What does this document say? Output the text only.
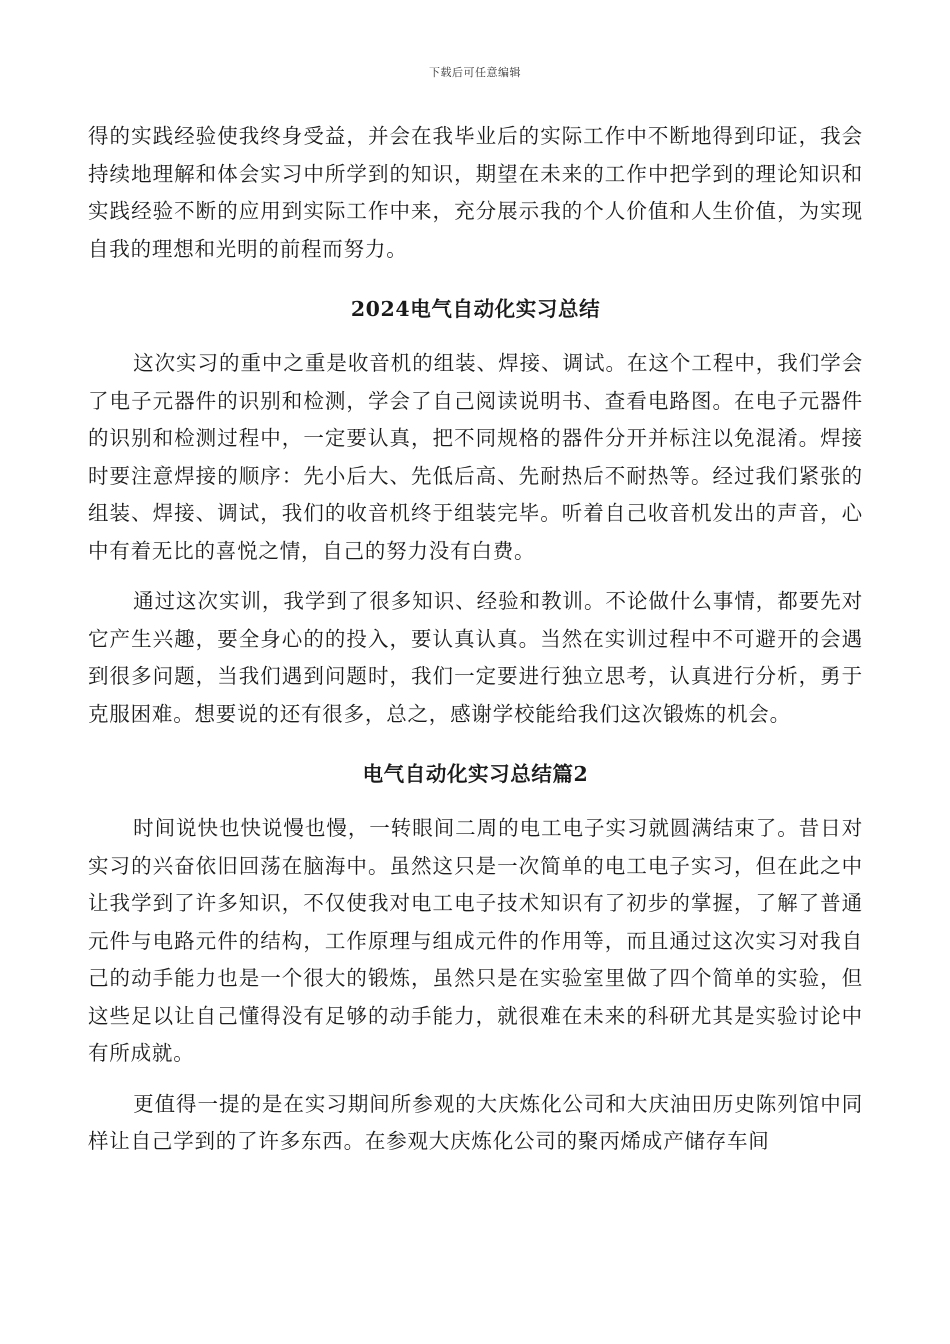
下载后可任意编辑

得的实践经验使我终身受益，并会在我毕业后的实际工作中不断地得到印证，我会持续地理解和体会实习中所学到的知识，期望在未来的工作中把学到的理论知识和实践经验不断的应用到实际工作中来，充分展示我的个人价值和人生价值，为实现自我的理想和光明的前程而努力。

2024电气自动化实习总结

这次实习的重中之重是收音机的组装、焊接、调试。在这个工程中，我们学会了电子元器件的识别和检测，学会了自己阅读说明书、查看电路图。在电子元器件的识别和检测过程中，一定要认真，把不同规格的器件分开并标注以免混淆。焊接时要注意焊接的顺序：先小后大、先低后高、先耐热后不耐热等。经过我们紧张的组装、焊接、调试，我们的收音机终于组装完毕。听着自己收音机发出的声音，心中有着无比的喜悦之情，自己的努力没有白费。

通过这次实训，我学到了很多知识、经验和教训。不论做什么事情，都要先对它产生兴趣，要全身心的的投入，要认真认真。当然在实训过程中不可避开的会遇到很多问题，当我们遇到问题时，我们一定要进行独立思考，认真进行分析，勇于克服困难。想要说的还有很多，总之，感谢学校能给我们这次锻炼的机会。

电气自动化实习总结篇2

时间说快也快说慢也慢，一转眼间二周的电工电子实习就圆满结束了。昔日对实习的兴奋依旧回荡在脑海中。虽然这只是一次简单的电工电子实习，但在此之中让我学到了许多知识，不仅使我对电工电子技术知识有了初步的掌握，了解了普通元件与电路元件的结构，工作原理与组成元件的作用等，而且通过这次实习对我自己的动手能力也是一个很大的锻炼，虽然只是在实验室里做了四个简单的实验，但这些足以让自己懂得没有足够的动手能力，就很难在未来的科研尤其是实验讨论中有所成就。

更值得一提的是在实习期间所参观的大庆炼化公司和大庆油田历史陈列馆中同样让自己学到的了许多东西。在参观大庆炼化公司的聚丙烯成产储存车间
